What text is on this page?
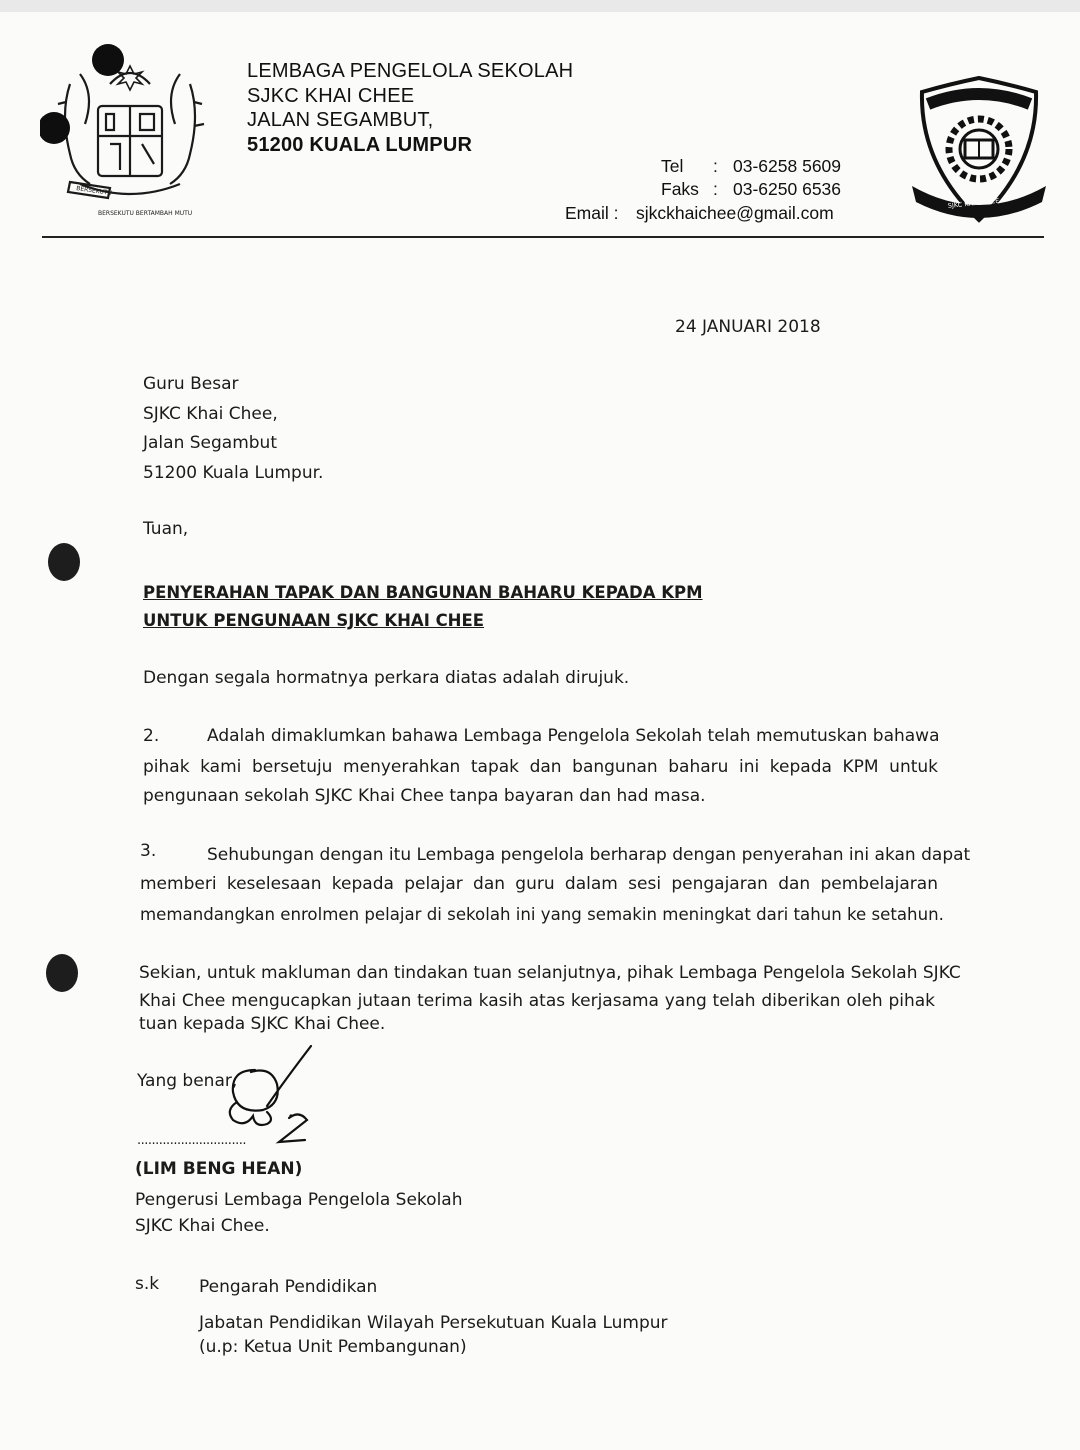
BERSEKUTU
BERSEKUTU BERTAMBAH MUTU
LEMBAGA PENGELOLA SEKOLAH
SJKC KHAI CHEE
JALAN SEGAMBUT,
51200 KUALA LUMPUR
Tel : 03-6258 5609
Faks : 03-6250 6536
Email : sjkckhaichee@gmail.com	SJKC KHAI CHEE
24 JANUARI 2018
Guru Besar
SJKC Khai Chee,
Jalan Segambut
51200 Kuala Lumpur.
Tuan,
PENYERAHAN TAPAK DAN BANGUNAN BAHARU KEPADA KPM
UNTUK PENGUNAAN SJKC KHAI CHEE
Dengan segala hormatnya perkara diatas adalah dirujuk.
2.	Adalah dimaklumkan bahawa Lembaga Pengelola Sekolah telah memutuskan bahawa
pihak kami bersetuju menyerahkan tapak dan bangunan baharu ini kepada KPM untuk
pengunaan sekolah SJKC Khai Chee tanpa bayaran dan had masa.
3.	Sehubungan dengan itu Lembaga pengelola berharap dengan penyerahan ini akan dapat
memberi keselesaan kepada pelajar dan guru dalam sesi pengajaran dan pembelajaran
memandangkan enrolmen pelajar di sekolah ini yang semakin meningkat dari tahun ke setahun.
Sekian, untuk makluman dan tindakan tuan selanjutnya, pihak Lembaga Pengelola Sekolah SJKC
Khai Chee mengucapkan jutaan terima kasih atas kerjasama yang telah diberikan oleh pihak
tuan kepada SJKC Khai Chee.
Yang benar,
..............................
(LIM BENG HEAN)
Pengerusi Lembaga Pengelola Sekolah
SJKC Khai Chee.
s.k Pengarah Pendidikan
Jabatan Pendidikan Wilayah Persekutuan Kuala Lumpur
(u.p: Ketua Unit Pembangunan)
